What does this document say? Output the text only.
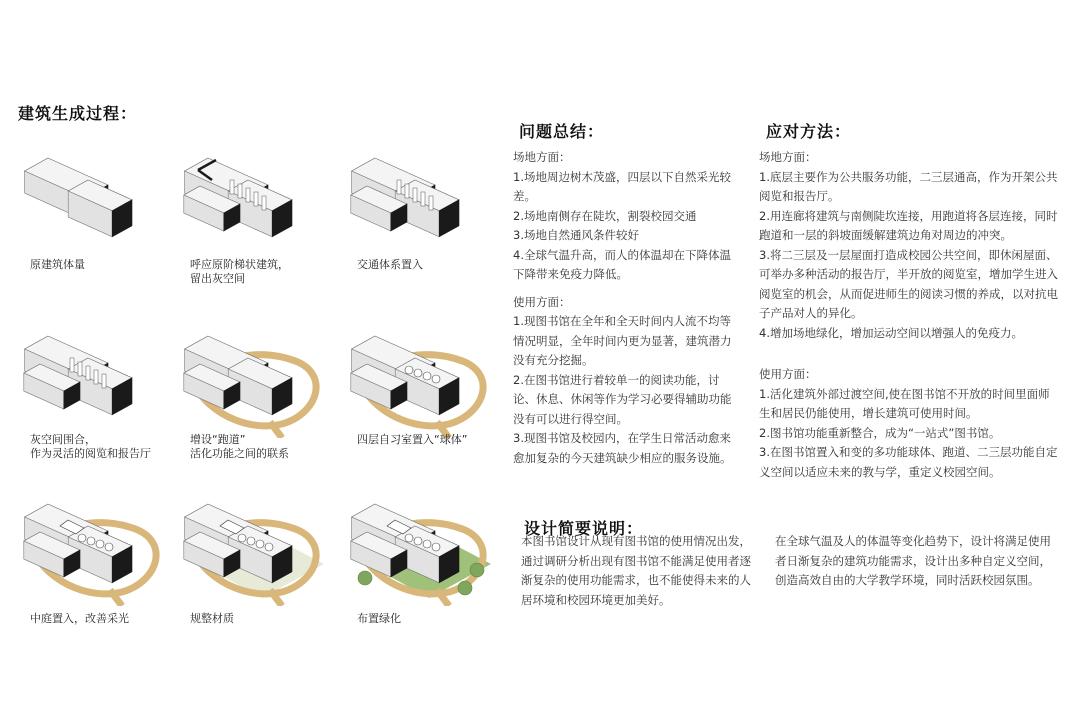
建筑生成过程：
原建筑体量	呼应原阶梯状建筑，
留出灰空间
交通体系置入
灰空间围合，
作为灵活的阅览和报告厅
增设“跑道”
活化功能之间的联系
四层自习室置入“球体”
中庭置入，改善采光	规整材质	布置绿化
问题总结：

场地方面：

1.场地周边树木茂盛，四层以下自然采光较差。

2.场地南侧存在陡坎，割裂校园交通

3.场地自然通风条件较好

4.全球气温升高，而人的体温却在下降体温下降带来免疫力降低。

使用方面：

1.现图书馆在全年和全天时间内人流不均等情况明显，全年时间内更为显著，建筑潜力没有充分挖掘。

2.在图书馆进行着较单一的阅读功能，讨论、休息、休闲等作为学习必要得辅助功能没有可以进行得空间。

3.现图书馆及校园内，在学生日常活动愈来愈加复杂的今天建筑缺少相应的服务设施。

应对方法：

场地方面：

1.底层主要作为公共服务功能，二三层通高，作为开架公共阅览和报告厅。

2.用连廊将建筑与南侧陡坎连接，用跑道将各层连接，同时跑道和一层的斜坡面缓解建筑边角对周边的冲突。

3.将二三层及一层屋面打造成校园公共空间，即休闲屋面、可举办多种活动的报告厅，半开放的阅览室，增加学生进入阅览室的机会，从而促进师生的阅读习惯的养成，以对抗电子产品对人的异化。

4.增加场地绿化，增加运动空间以增强人的免疫力。

使用方面：

1.活化建筑外部过渡空间,使在图书馆不开放的时间里面师生和居民仍能使用，增长建筑可使用时间。

2.图书馆功能重新整合，成为“一站式”图书馆。

3.在图书馆置入和变的多功能球体、跑道、二三层功能自定义空间以适应未来的教与学，重定义校园空间。

设计简要说明：

本图书馆设计从现有图书馆的使用情况出发，通过调研分析出现有图书馆不能满足使用者逐渐复杂的使用功能需求，也不能使得未来的人居环境和校园环境更加美好。

在全球气温及人的体温等变化趋势下，设计将满足使用者日渐复杂的建筑功能需求，设计出多种自定义空间，创造高效自由的大学教学环境，同时活跃校园氛围。
